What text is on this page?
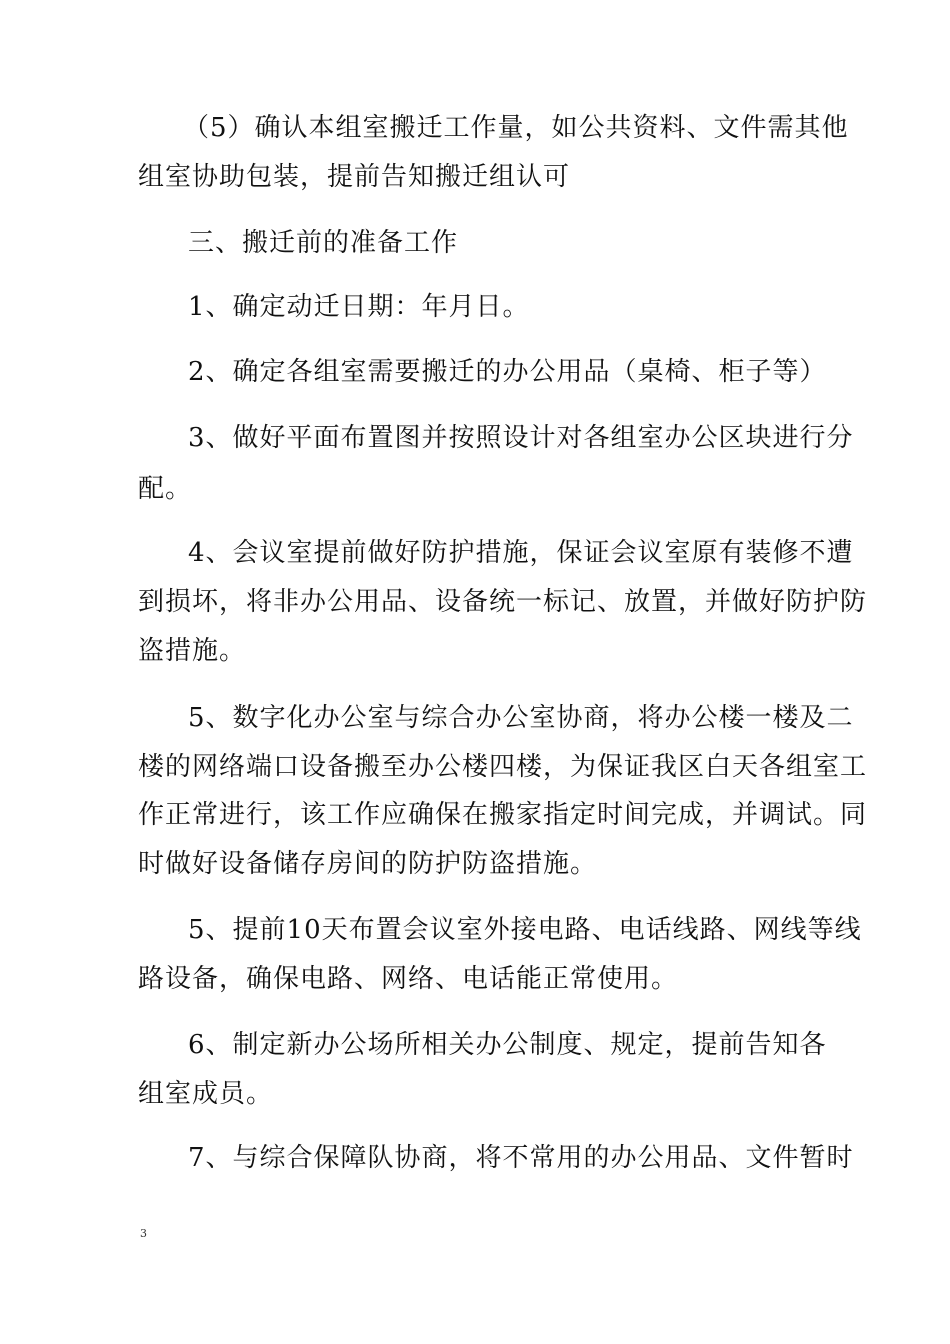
（5）确认本组室搬迁工作量，如公共资料、文件需其他
组室协助包装，提前告知搬迁组认可
三、搬迁前的准备工作
1、确定动迁日期：年月日。
2、确定各组室需要搬迁的办公用品（桌椅、柜子等）
3、做好平面布置图并按照设计对各组室办公区块进行分
配。
4、会议室提前做好防护措施，保证会议室原有装修不遭
到损坏，将非办公用品、设备统一标记、放置，并做好防护防
盗措施。
5、数字化办公室与综合办公室协商，将办公楼一楼及二
楼的网络端口设备搬至办公楼四楼，为保证我区白天各组室工
作正常进行，该工作应确保在搬家指定时间完成，并调试。同
时做好设备储存房间的防护防盗措施。
5、提前10天布置会议室外接电路、电话线路、网线等线
路设备，确保电路、网络、电话能正常使用。
6、制定新办公场所相关办公制度、规定，提前告知各
组室成员。
7、与综合保障队协商，将不常用的办公用品、文件暂时
3
